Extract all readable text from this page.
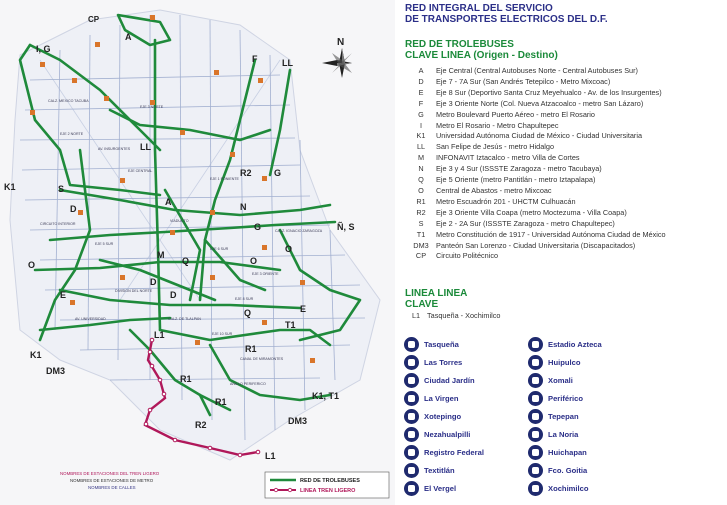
CALZ. MEXICO TACUBA
EJE 3 NORTE
EJE 2 NORTE
AV. INSURGENTES
EJE 1 PONIENTE
EJE CENTRAL
CALZ. DE TLALPAN
EJE 5 SUR
EJE 6 SUR
EJE 8 SUR
ANILLO PERIFERICO
CALZ. IGNACIO ZARAGOZA
VIADUCTO
CIRCUITO INTERIOR
EJE 3 ORIENTE
EJE 10 SUR
DIVISION DEL NORTE
AV. UNIVERSIDAD
CANAL DE MIRAMONTES
CP
A
I, G
F	LL
K1	S
LL
R2 G
N
M
D
O
Q
T1
E
D
Ñ, S
O
E
D
L1
K1
DM3
R2
R1
R1
K1, T1
DM3
L1
R1
G
A
Q	O
N
NOMBRES DE ESTACIONES DEL TREN LIGERO
NOMBRES DE ESTACIONES DE METRO
NOMBRES DE CALLES
RED DE TROLEBUSES
LINEA TREN LIGERO
RED INTEGRAL DEL SERVICIO
DE TRANSPORTES ELECTRICOS DEL D.F.
RED DE TROLEBUSES
CLAVE LINEA (Origen - Destino)
A	Eje Central (Central Autobuses Norte - Central Autobuses Sur)
D	Eje 7 - 7A Sur (San Andrés Tetepilco - Metro Mixcoac)
E	Eje 8 Sur (Deportivo Santa Cruz Meyehualco - Av. de los Insurgentes)
F	Eje 3 Oriente Norte (Col. Nueva Atzacoalco - metro San Lázaro)
G	Metro Boulevard Puerto Aéreo - metro El Rosario
I	Metro El Rosario - Metro Chapultepec
K1	Universidad Autónoma Ciudad de México - Ciudad Universitaria
LL	San Felipe de Jesús - metro Hidalgo
M	INFONAVIT Iztacalco - metro Villa de Cortes
N	Eje 3 y 4 Sur (ISSSTE Zaragoza - metro Tacubaya)
Q	Eje 5 Oriente (metro Pantitlán - metro Iztapalapa)
O	Central de Abastos - metro Mixcoac
R1	Metro Escuadrón 201 - UHCTM Culhuacán
R2	Eje 3 Oriente Villa Coapa (metro Moctezuma - Villa Coapa)
S	Eje 2 - 2A Sur (ISSSTE Zaragoza - metro Chapultepec)
T1	Metro Constitución de 1917 - Universidad Autónoma Ciudad de México
DM3 Panteón San Lorenzo - Ciudad Universitaria (Discapacitados)
CP	Circuito Politécnico
LINEA LINEA
CLAVE
L1 Tasqueña - Xochimilco
Tasqueña
Las Torres
Ciudad Jardín
La Virgen
Xotepingo
Nezahualpilli
Registro Federal
Textitlán
El Vergel
Estadio Azteca
Huipulco
Xomali
Periférico
Tepepan
La Noria
Huichapan
Fco. Goitia
Xochimilco
